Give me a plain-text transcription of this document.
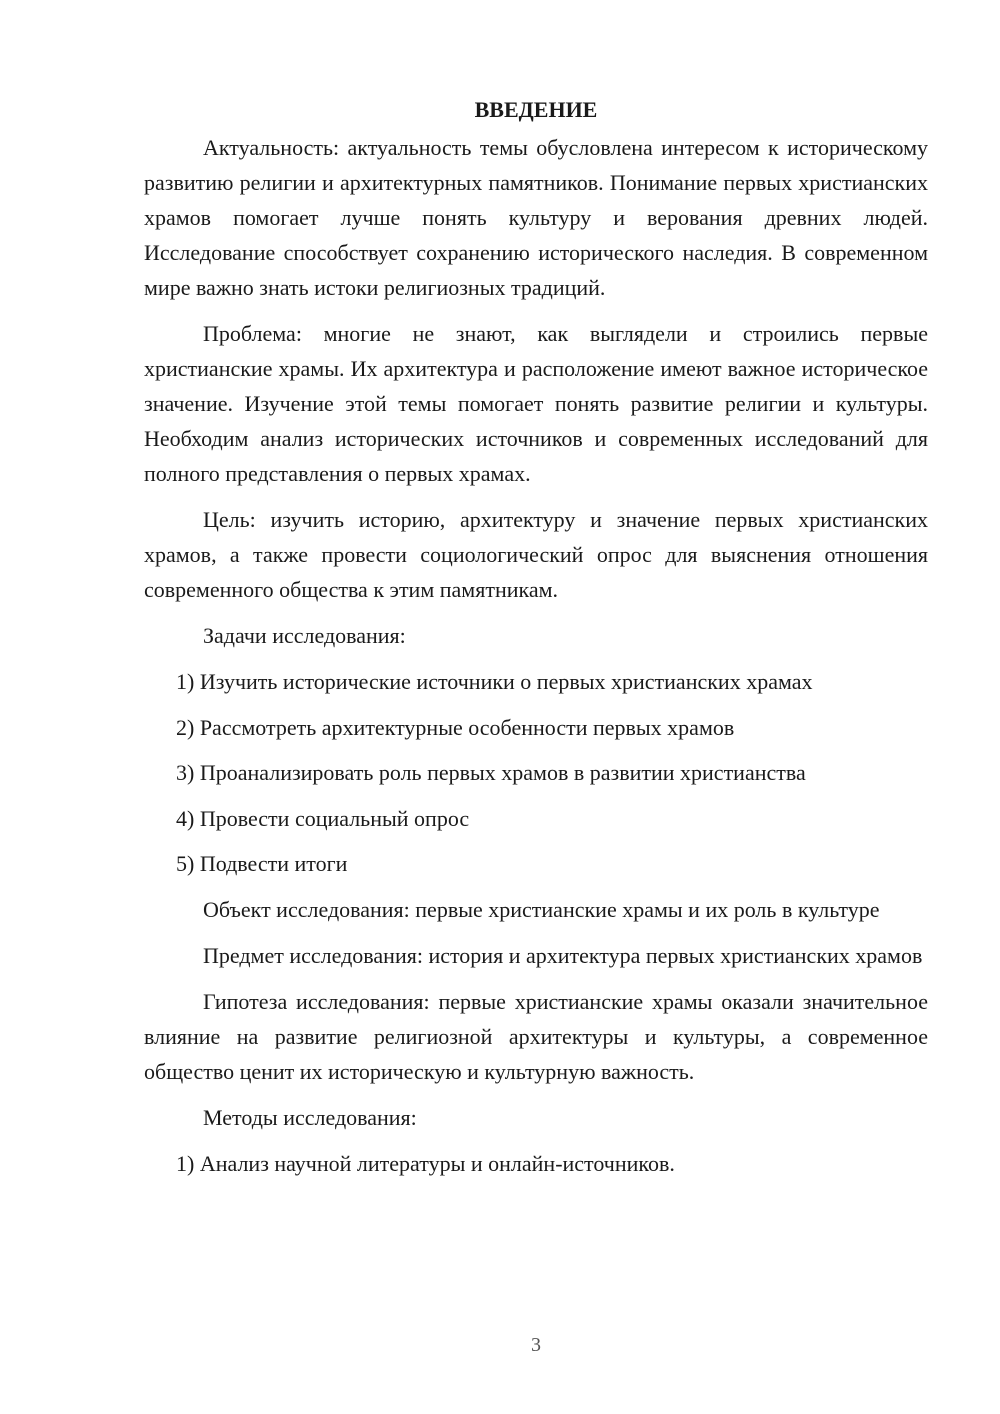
ВВЕДЕНИЕ

Актуальность: актуальность темы обусловлена интересом к историческому развитию религии и архитектурных памятников. Понимание первых христианских храмов помогает лучше понять культуру и верования древних людей. Исследование способствует сохранению исторического наследия. В современном мире важно знать истоки религиозных традиций.

Проблема: многие не знают, как выглядели и строились первые христианские храмы. Их архитектура и расположение имеют важное историческое значение. Изучение этой темы помогает понять развитие религии и культуры. Необходим анализ исторических источников и современных исследований для полного представления о первых храмах.

Цель: изучить историю, архитектуру и значение первых христианских храмов, а также провести социологический опрос для выяснения отношения современного общества к этим памятникам.

Задачи исследования:

1) Изучить исторические источники о первых христианских храмах

2) Рассмотреть архитектурные особенности первых храмов

3) Проанализировать роль первых храмов в развитии христианства

4) Провести социальный опрос

5) Подвести итоги

Объект исследования: первые христианские храмы и их роль в культуре

Предмет исследования: история и архитектура первых христианских храмов

Гипотеза исследования: первые христианские храмы оказали значительное влияние на развитие религиозной архитектуры и культуры, а современное общество ценит их историческую и культурную важность.

Методы исследования:

1) Анализ научной литературы и онлайн-источников.

3
